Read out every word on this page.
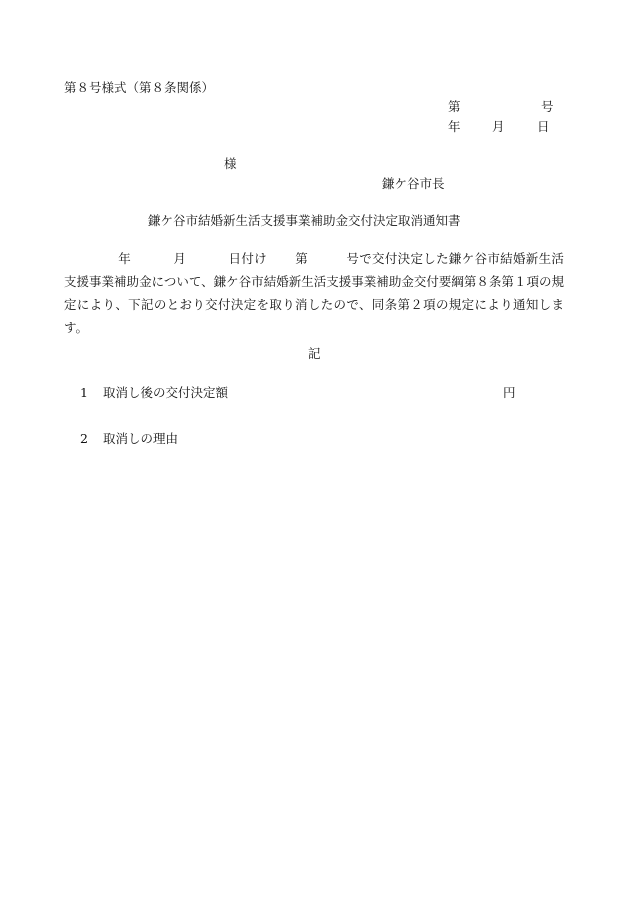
第８号様式（第８条関係）
第	号
年	月	日
様
鎌ケ谷市長
鎌ケ谷市結婚新生活支援事業補助金交付決定取消通知書
年	月	日付け 第	号で交付決定した鎌ケ谷市結婚新生活支援事業補助金について、鎌ケ谷市結婚新生活支援事業補助金交付要綱第８条第１項の規定により、下記のとおり交付決定を取り消したので、同条第２項の規定により通知します。
記
1 取消し後の交付決定額	円
2 取消しの理由
